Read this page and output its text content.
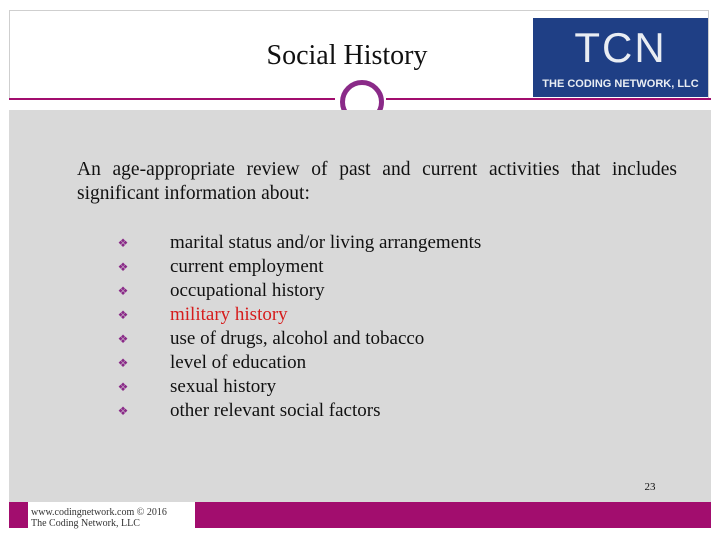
Social History	TCN
THE CODING NETWORK, LLC
An age-appropriate review of past and current activities that includes significant information about:
❖ marital status and/or living arrangements
❖ current employment
❖ occupational history
❖ military history
❖ use of drugs, alcohol and tobacco
❖ level of education
❖ sexual history
❖ other relevant social factors
23
www.codingnetwork.com © 2016
The Coding Network, LLC
